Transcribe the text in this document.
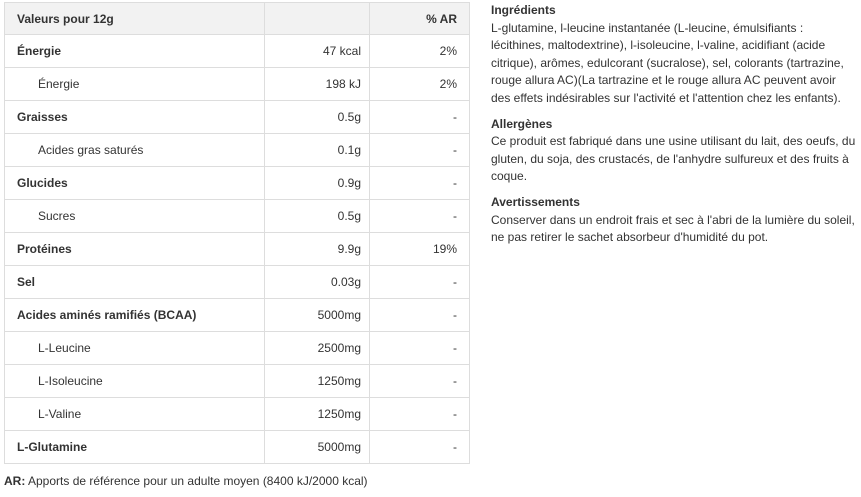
Valeurs pour 12g		% AR
Énergie	47 kcal	2%
Énergie	198 kJ	2%
Graisses	0.5g	-
Acides gras saturés	0.1g	-
Glucides	0.9g	-
Sucres	0.5g	-
Protéines	9.9g	19%
Sel	0.03g	-
Acides aminés ramifiés (BCAA)	5000mg	-
L-Leucine	2500mg	-
L-Isoleucine	1250mg	-
L-Valine	1250mg	-
L-Glutamine	5000mg	-
AR: Apports de référence pour un adulte moyen (8400 kJ/2000 kcal)
Ingrédients

L-glutamine, l-leucine instantanée (L-leucine, émulsifiants : lécithines, maltodextrine), l-isoleucine, l-valine, acidifiant (acide citrique), arômes, edulcorant (sucralose), sel, colorants (tartrazine, rouge allura AC)(La tartrazine et le rouge allura AC peuvent avoir des effets indésirables sur l'activité et l'attention chez les enfants).

Allergènes

Ce produit est fabriqué dans une usine utilisant du lait, des oeufs, du gluten, du soja, des crustacés, de l'anhydre sulfureux et des fruits à coque.

Avertissements

Conserver dans un endroit frais et sec à l'abri de la lumière du soleil, ne pas retirer le sachet absorbeur d'humidité du pot.
